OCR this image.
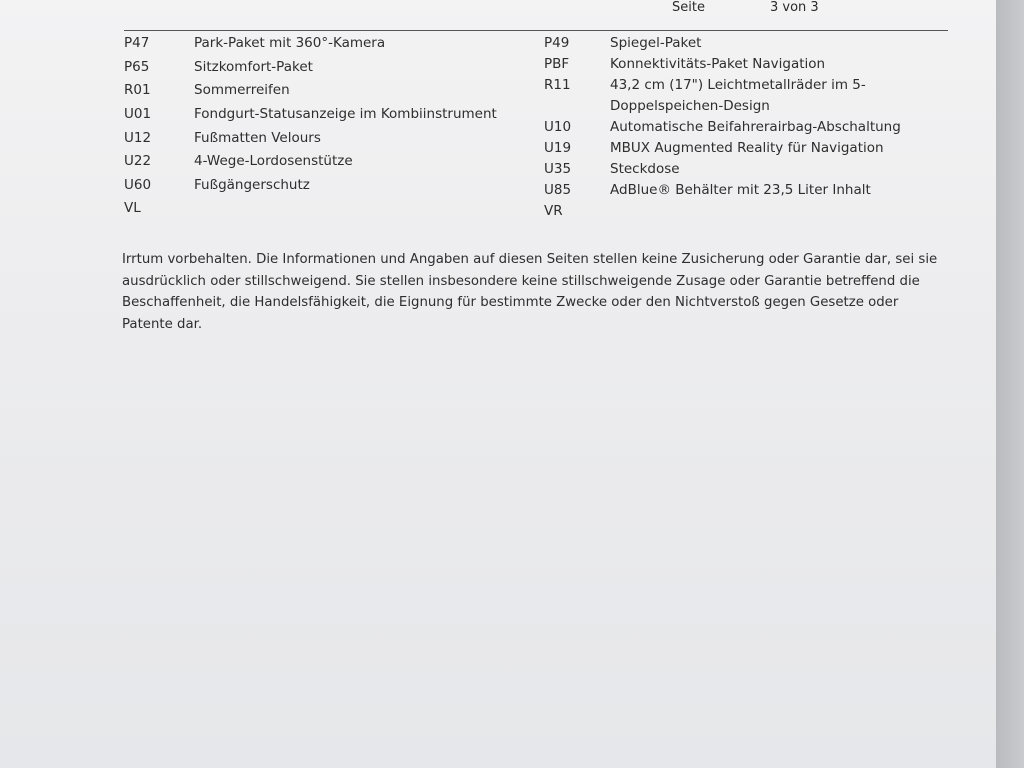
Seite	3 von 3
P47	Park-Paket mit 360°-Kamera
P65	Sitzkomfort-Paket
R01	Sommerreifen
U01	Fondgurt-Statusanzeige im Kombiinstrument
U12	Fußmatten Velours
U22	4-Wege-Lordosenstütze
U60	Fußgängerschutz
VL
P49	Spiegel-Paket
PBF	Konnektivitäts-Paket Navigation
R11	43,2 cm (17") Leichtmetallräder im 5-Doppelspeichen-Design
U10	Automatische Beifahrerairbag-Abschaltung
U19	MBUX Augmented Reality für Navigation
U35	Steckdose
U85	AdBlue® Behälter mit 23,5 Liter Inhalt
VR

Irrtum vorbehalten. Die Informationen und Angaben auf diesen Seiten stellen keine Zusicherung oder Garantie dar, sei sie ausdrücklich oder stillschweigend. Sie stellen insbesondere keine stillschweigende Zusage oder Garantie betreffend die Beschaffenheit, die Handelsfähigkeit, die Eignung für bestimmte Zwecke oder den Nichtverstoß gegen Gesetze oder Patente dar.
